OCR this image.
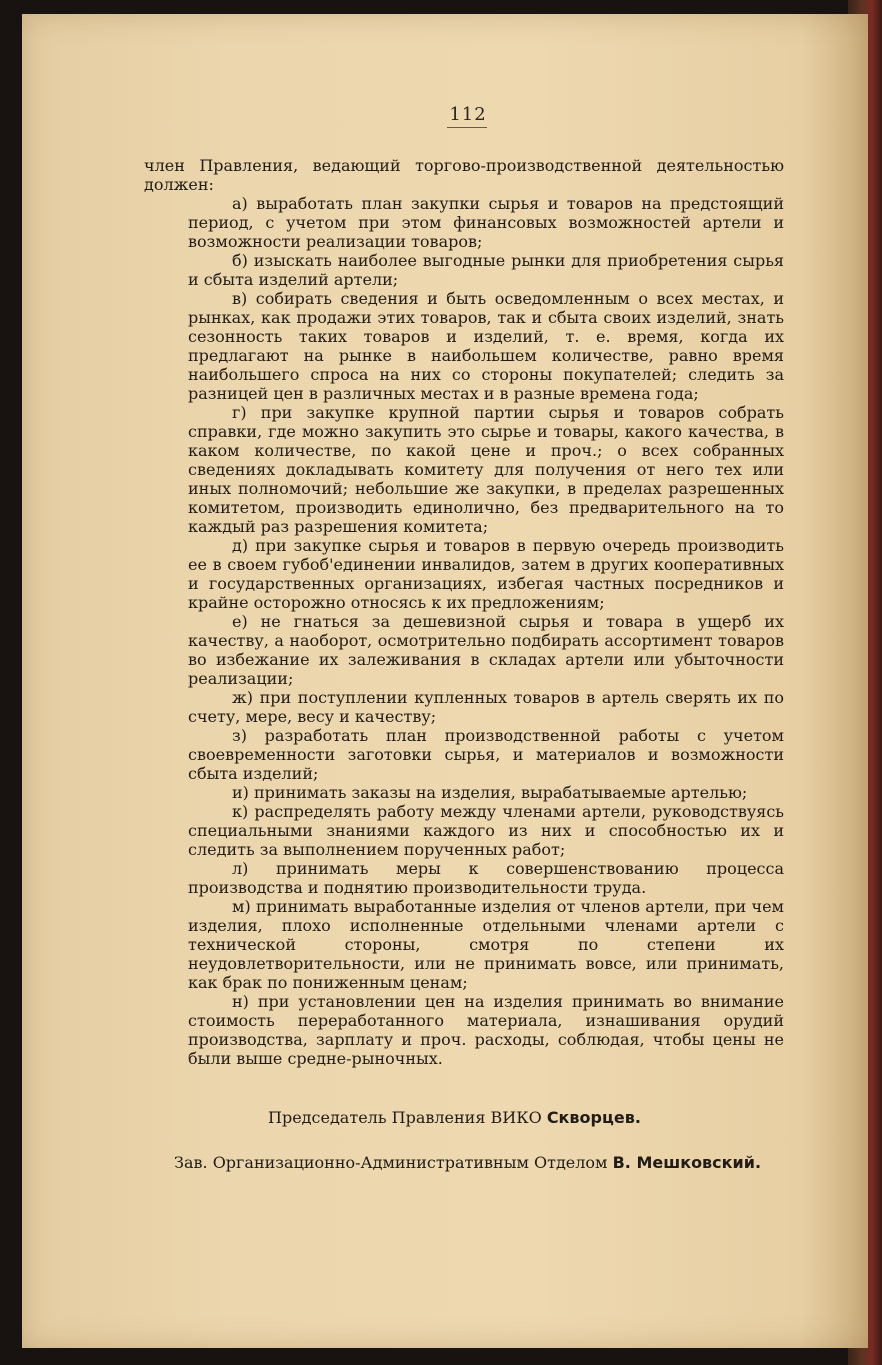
112

член Правления, ведающий торгово-производственной деятельностью должен:

а) выработать план закупки сырья и товаров на предстоящий период, с учетом при этом финансовых возможностей артели и возможности реализации товаров;

б) изыскать наиболее выгодные рынки для приобретения сырья и сбыта изделий артели;

в) собирать сведения и быть осведомленным о всех местах, и рынках, как продажи этих товаров, так и сбыта своих изделий, знать сезонность таких товаров и изделий, т. е. время, когда их предлагают на рынке в наибольшем количестве, равно время наибольшего спроса на них со стороны покупателей; следить за разницей цен в различных местах и в разные времена года;

г) при закупке крупной партии сырья и товаров собрать справки, где можно закупить это сырье и товары, какого качества, в каком количестве, по какой цене и проч.; о всех собранных сведениях докладывать комитету для получения от него тех или иных полномочий; небольшие же закупки, в пределах разрешенных комитетом, производить единолично, без предварительного на то каждый раз разрешения комитета;

д) при закупке сырья и товаров в первую очередь производить ее в своем губоб'единении инвалидов, затем в других кооперативных и государственных организациях, избегая частных посредников и крайне осторожно относясь к их предложениям;

е) не гнаться за дешевизной сырья и товара в ущерб их качеству, а наоборот, осмотрительно подбирать ассортимент товаров во избежание их залеживания в складах артели или убыточности реализации;

ж) при поступлении купленных товаров в артель сверять их по счету, мере, весу и качеству;

з) разработать план производственной работы с учетом своевременности заготовки сырья, и материалов и возможности сбыта изделий;

и) принимать заказы на изделия, вырабатываемые артелью;

к) распределять работу между членами артели, руководствуясь специальными знаниями каждого из них и способностью их и следить за выполнением порученных работ;

л) принимать меры к совершенствованию процесса производства и поднятию производительности труда.

м) принимать выработанные изделия от членов артели, при чем изделия, плохо исполненные отдельными членами артели с технической стороны, смотря по степени их неудовлетворительности, или не принимать вовсе, или принимать, как брак по пониженным ценам;

н) при установлении цен на изделия принимать во внимание стоимость переработанного материала, изнашивания орудий производства, зарплату и проч. расходы, соблюдая, чтобы цены не были выше средне-рыночных.

Председатель Правления ВИКО Скворцев.
Зав. Организационно-Административным Отделом В. Мешковский.
